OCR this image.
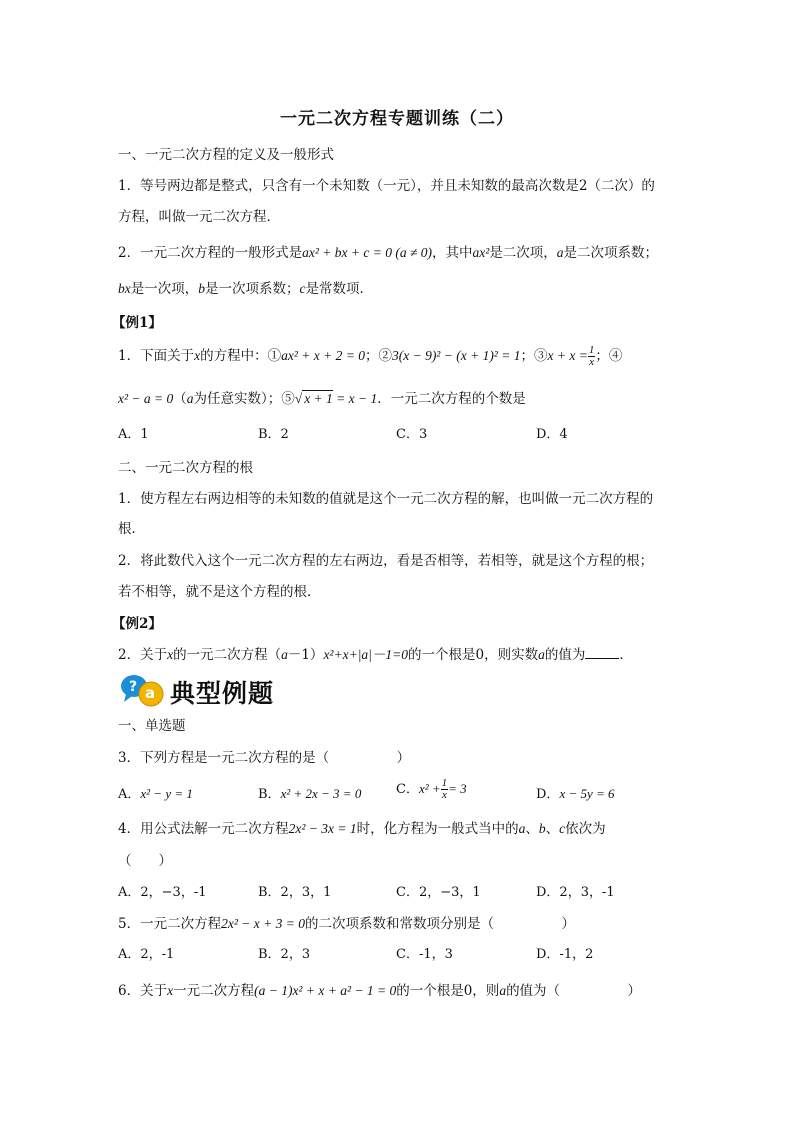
一元二次方程专题训练（二）
一、一元二次方程的定义及一般形式
1．等号两边都是整式，只含有一个未知数（一元），并且未知数的最高次数是2（二次）的
方程，叫做一元二次方程．
2．一元二次方程的一般形式是ax² + bx + c = 0 (a ≠ 0)，其中ax²是二次项，a是二次项系数；
bx是一次项，b是一次项系数；c是常数项．
【例1】
1．下面关于x的方程中：①ax² + x + 2 = 0；②3(x − 9)² − (x + 1)² = 1；③x + $x = \frac{1}{x}$ ；④
x² − a = 0（a为任意实数）；⑤√ x + 1 = x − 1．一元二次方程的个数是
A．1	B．2	C．3	D．4
二、一元二次方程的根
1．使方程左右两边相等的未知数的值就是这个一元二次方程的解，也叫做一元二次方程的
根．
2．将此数代入这个一元二次方程的左右两边，看是否相等，若相等，就是这个方程的根；
若不相等，就不是这个方程的根．
【例2】
2．关于x的一元二次方程（a－1）x²+x+|a|－1=0的一个根是0，则实数a的值为	．
? a 典型例题
一、单选题
3．下列方程是一元二次方程的是（　　　　　）
A．x² − y = 1	B．x² + 2x − 3 = 0	C．$x^2 + \frac{1}{x} = 3$	D．x − 5y = 6
4．用公式法解一元二次方程2x² − 3x = 1时，化方程为一般式当中的a、b、c依次为
（　　）
A．2，−3，-1	B．2，3，1	C．2，−3，1	D．2，3，-1
5．一元二次方程2x² − x + 3 = 0的二次项系数和常数项分别是（　　　　　）
A．2，-1	B．2，3	C．-1，3	D．-1，2
6．关于x一元二次方程(a − 1)x² + x + a² − 1 = 0的一个根是0，则a的值为（　　　　　）
